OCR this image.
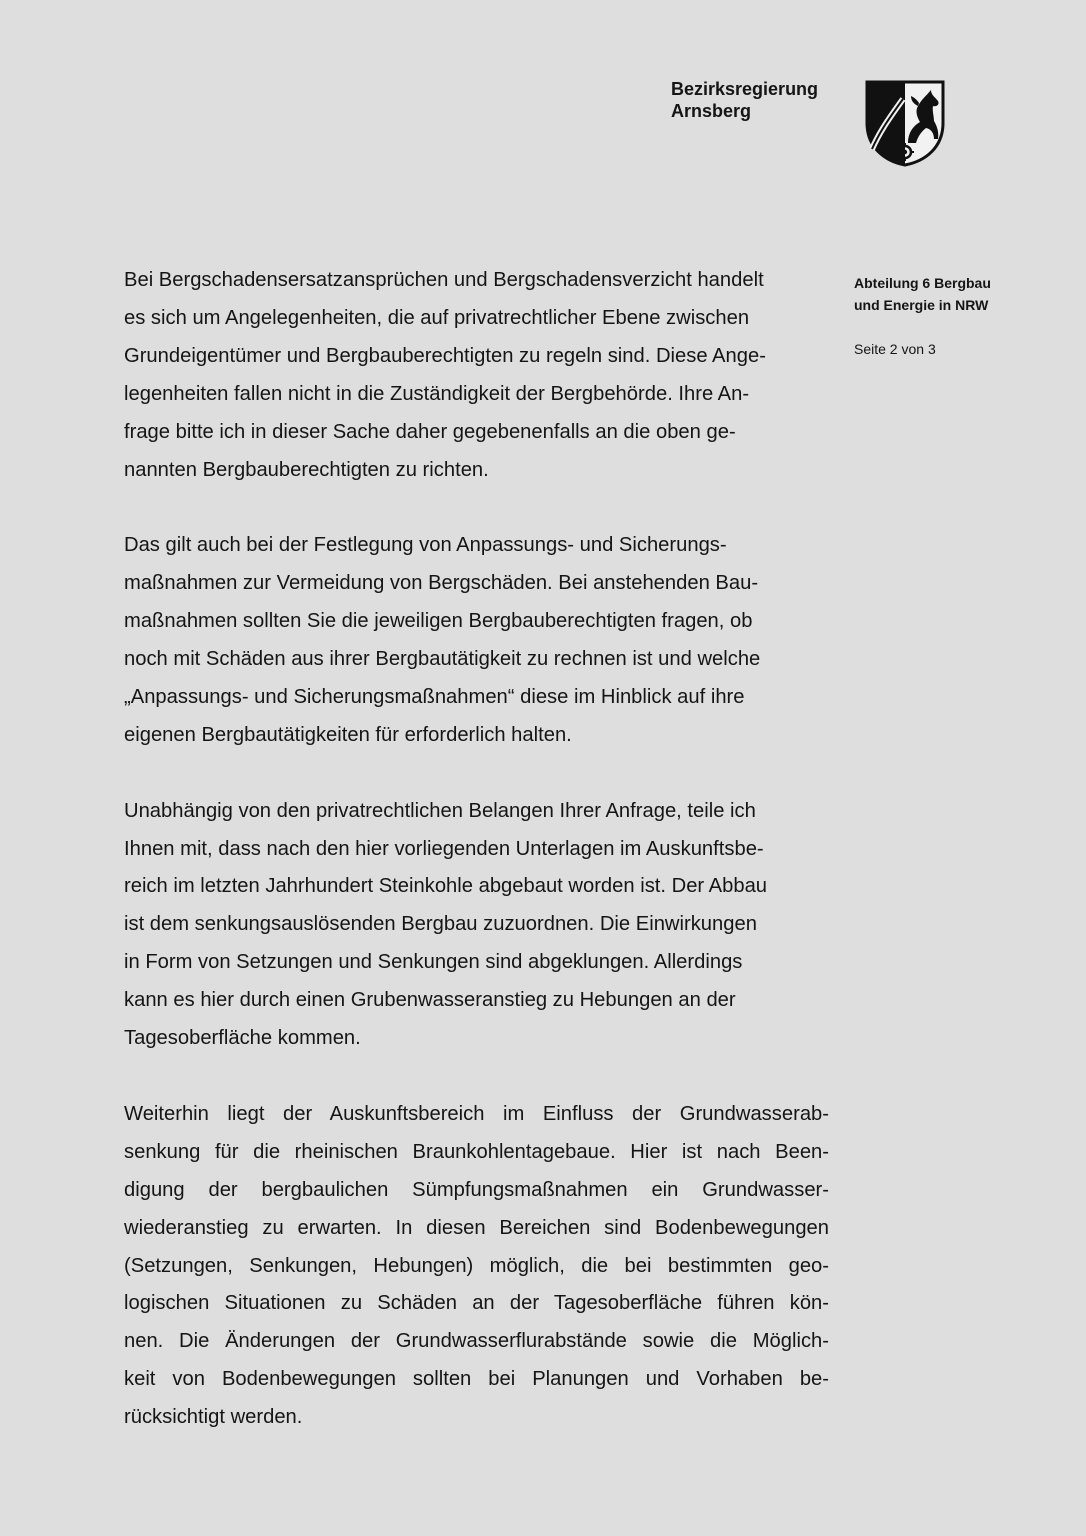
Bezirksregierung
Arnsberg
Abteilung 6 Bergbau
und Energie in NRW
Seite 2 von 3
Bei Bergschadensersatzansprüchen und Bergschadensverzicht handelt
es sich um Angelegenheiten, die auf privatrechtlicher Ebene zwischen
Grundeigentümer und Bergbauberechtigten zu regeln sind. Diese Ange-
legenheiten fallen nicht in die Zuständigkeit der Bergbehörde. Ihre An-
frage bitte ich in dieser Sache daher gegebenenfalls an die oben ge-
nannten Bergbauberechtigten zu richten.
Das gilt auch bei der Festlegung von Anpassungs- und Sicherungs-
maßnahmen zur Vermeidung von Bergschäden. Bei anstehenden Bau-
maßnahmen sollten Sie die jeweiligen Bergbauberechtigten fragen, ob
noch mit Schäden aus ihrer Bergbautätigkeit zu rechnen ist und welche
„Anpassungs- und Sicherungsmaßnahmen“ diese im Hinblick auf ihre
eigenen Bergbautätigkeiten für erforderlich halten.
Unabhängig von den privatrechtlichen Belangen Ihrer Anfrage, teile ich
Ihnen mit, dass nach den hier vorliegenden Unterlagen im Auskunftsbe-
reich im letzten Jahrhundert Steinkohle abgebaut worden ist. Der Abbau
ist dem senkungsauslösenden Bergbau zuzuordnen. Die Einwirkungen
in Form von Setzungen und Senkungen sind abgeklungen. Allerdings
kann es hier durch einen Grubenwasseranstieg zu Hebungen an der
Tagesoberfläche kommen.
Weiterhin liegt der Auskunftsbereich im Einfluss der Grundwasserab-
senkung für die rheinischen Braunkohlentagebaue. Hier ist nach Been-
digung der bergbaulichen Sümpfungsmaßnahmen ein Grundwasser-
wiederanstieg zu erwarten. In diesen Bereichen sind Bodenbewegungen
(Setzungen, Senkungen, Hebungen) möglich, die bei bestimmten geo-
logischen Situationen zu Schäden an der Tagesoberfläche führen kön-
nen. Die Änderungen der Grundwasserflurabstände sowie die Möglich-
keit von Bodenbewegungen sollten bei Planungen und Vorhaben be-
rücksichtigt werden.
